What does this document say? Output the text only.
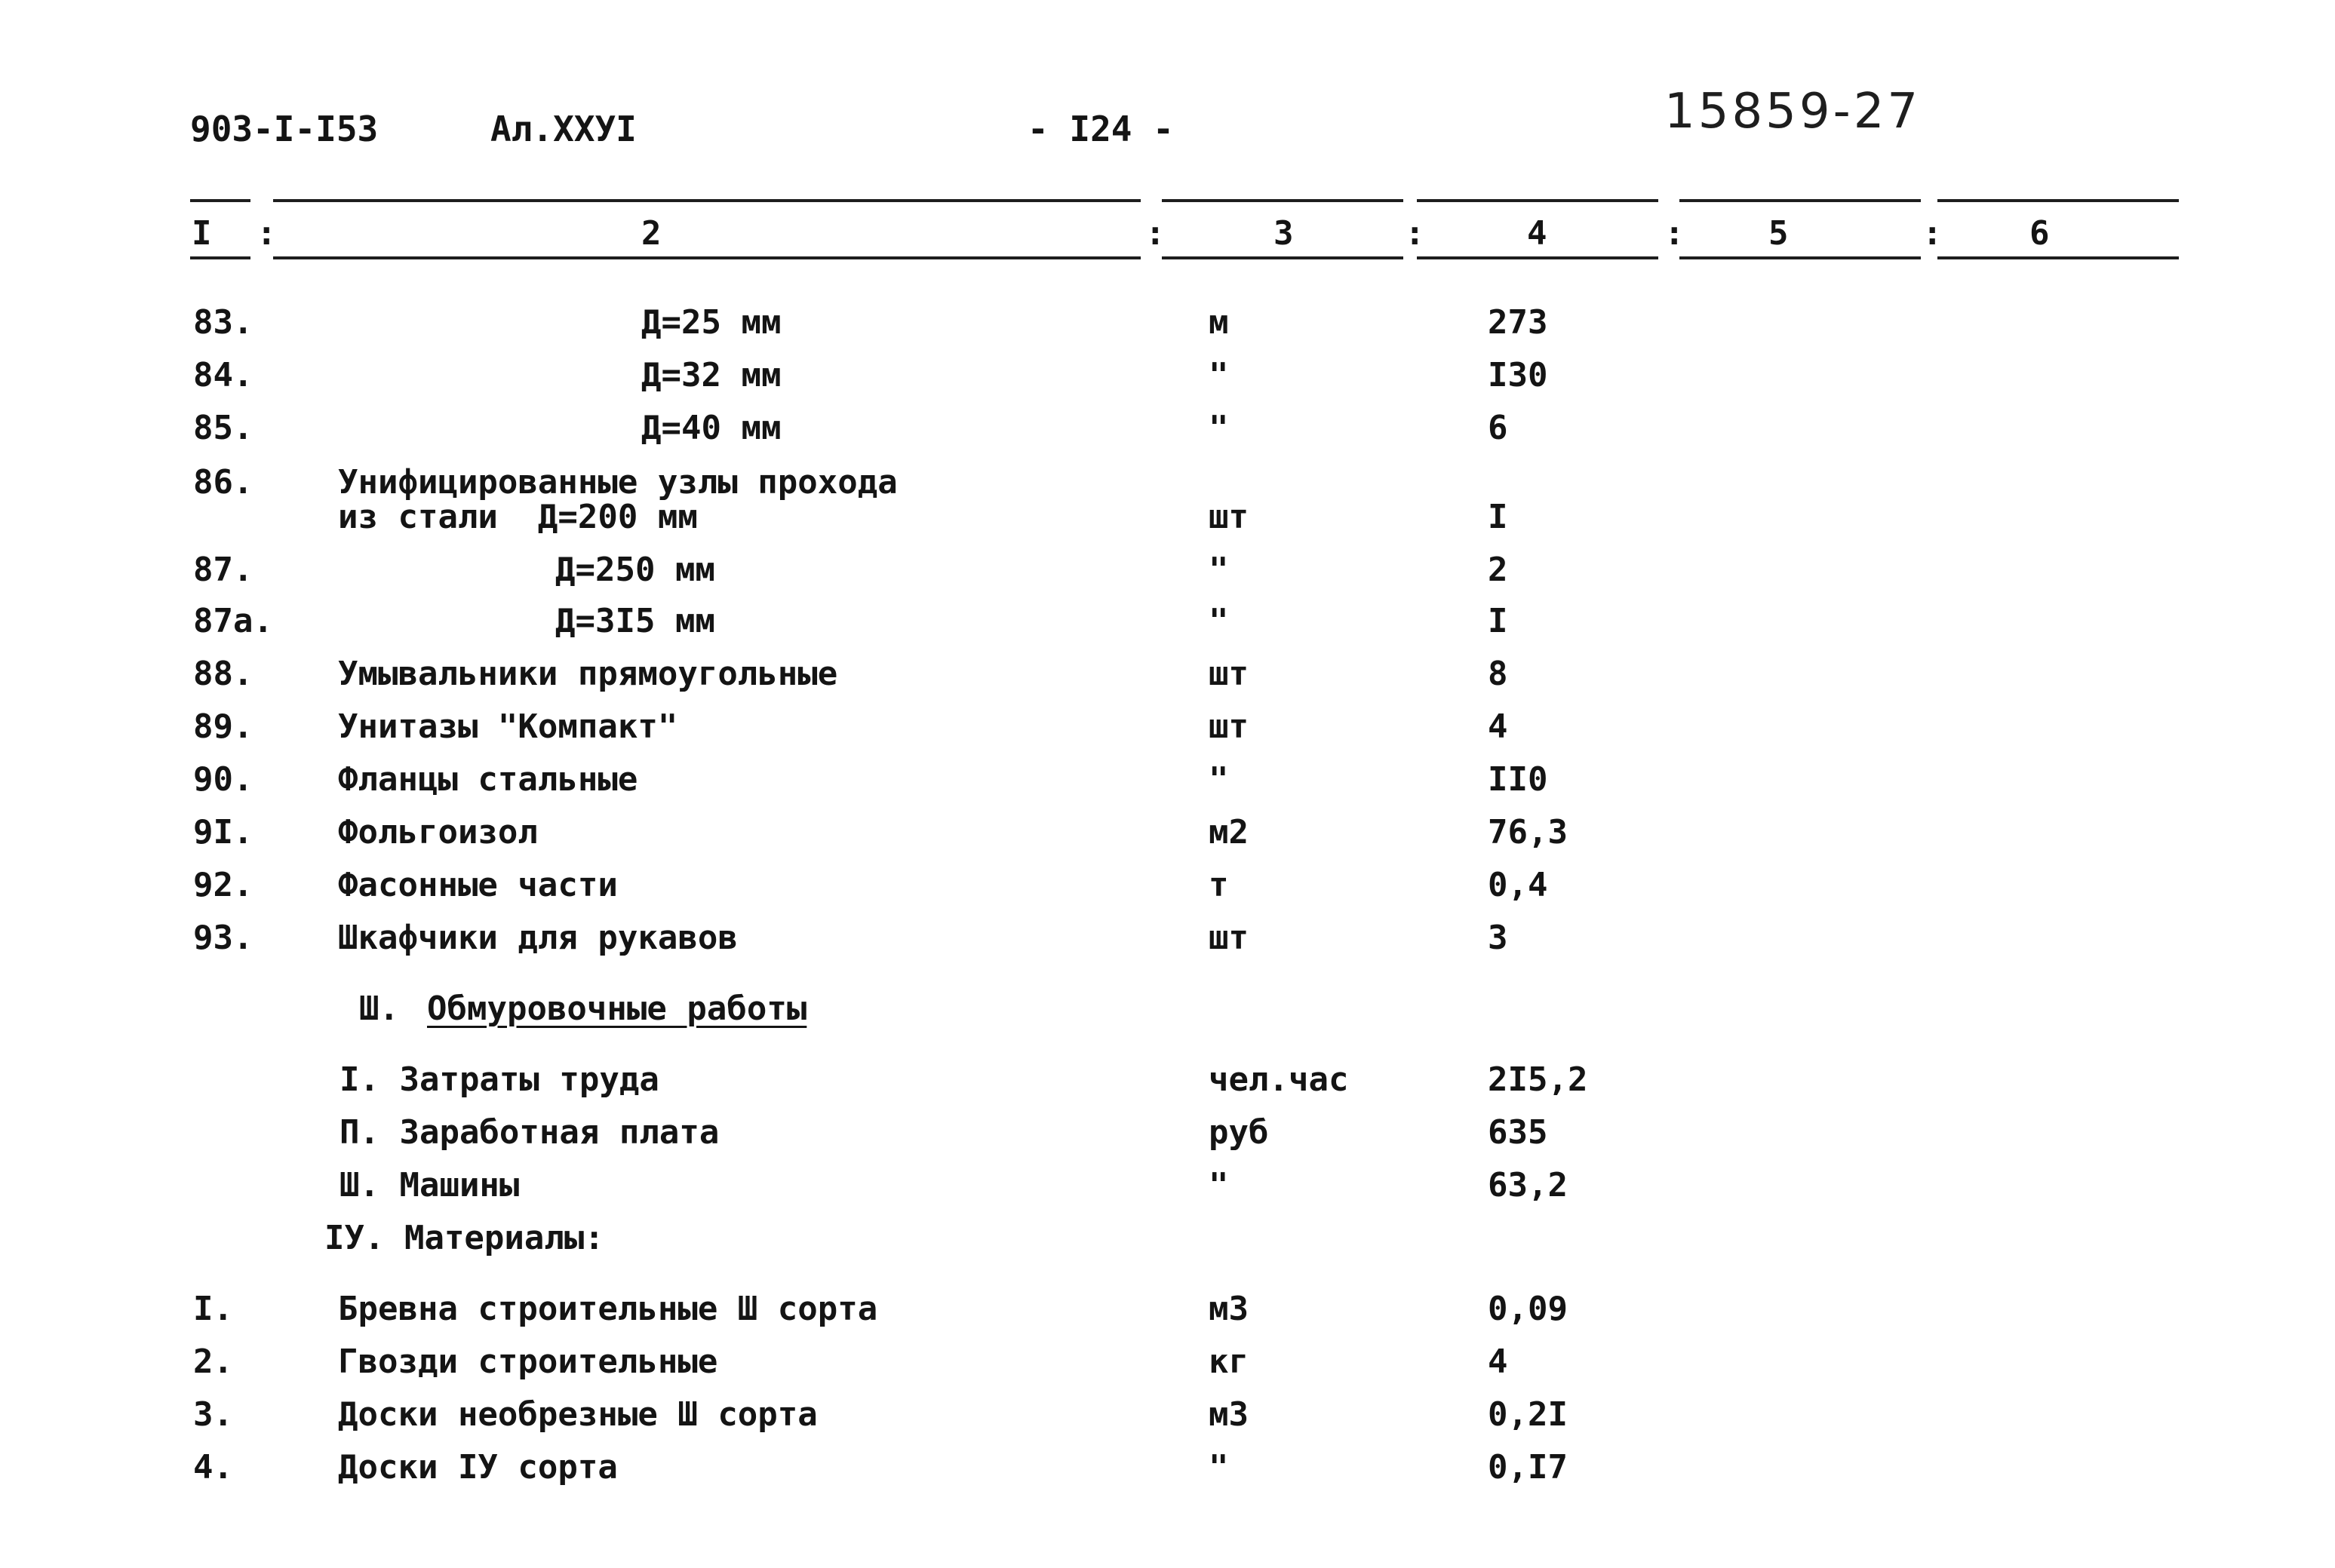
903-I-I53	Ал.XXУI	- I24 -	15859-27
I :	2	:	3	:	4	:	5	:	6
83.	Д=25 мм	м	273
84.	Д=32 мм	"	I30
85.	Д=40 мм	"	6
86.	Унифицированные узлы прохода
из стали  Д=200 мм	шт	I
87.	Д=250 мм	"	2
87а.	Д=3I5 мм	"	I
88.	Умывальники прямоугольные	шт	8
89.	Унитазы "Компакт"	шт	4
90.	Фланцы стальные	"	II0
9I.	Фольгоизол	м2	76,3
92.	Фасонные части	т	0,4
93.	Шкафчики для рукавов	шт	3
Ш. Обмуровочные работы
I. Затраты труда	чел.час	2I5,2
П. Заработная плата	руб	635
Ш. Машины	"	63,2
IУ. Материалы:
I.	Бревна строительные Ш сорта	м3	0,09
2.	Гвозди строительные	кг	4
3.	Доски необрезные Ш сорта	м3	0,2I
4.	Доски IУ сорта	"	0,I7
